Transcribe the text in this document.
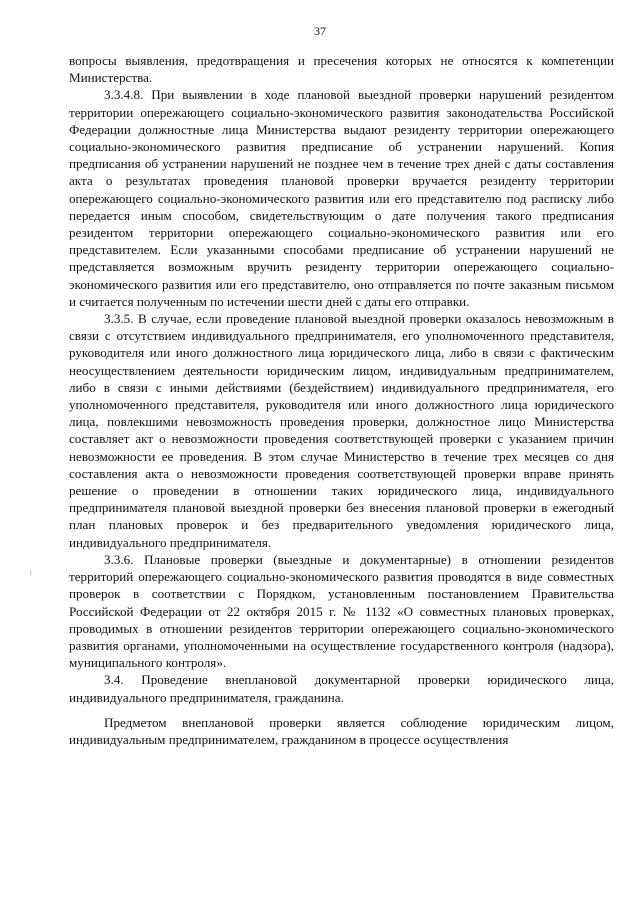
37

вопросы выявления, предотвращения и пресечения которых не относятся к компетенции Министерства.

3.3.4.8. При выявлении в ходе плановой выездной проверки нарушений резидентом территории опережающего социально-экономического развития законодательства Российской Федерации должностные лица Министерства выдают резиденту территории опережающего социально-экономического развития предписание об устранении нарушений. Копия предписания об устранении нарушений не позднее чем в течение трех дней с даты составления акта о результатах проведения плановой проверки вручается резиденту территории опережающего социально-экономического развития или его представителю под расписку либо передается иным способом, свидетельствующим о дате получения такого предписания резидентом территории опережающего социально-экономического развития или его представителем. Если указанными способами предписание об устранении нарушений не представляется возможным вручить резиденту территории опережающего социально-экономического развития или его представителю, оно отправляется по почте заказным письмом и считается полученным по истечении шести дней с даты его отправки.

3.3.5. В случае, если проведение плановой выездной проверки оказалось невозможным в связи с отсутствием индивидуального предпринимателя, его уполномоченного представителя, руководителя или иного должностного лица юридического лица, либо в связи с фактическим неосуществлением деятельности юридическим лицом, индивидуальным предпринимателем, либо в связи с иными действиями (бездействием) индивидуального предпринимателя, его уполномоченного представителя, руководителя или иного должностного лица юридического лица, повлекшими невозможность проведения проверки, должностное лицо Министерства составляет акт о невозможности проведения соответствующей проверки с указанием причин невозможности ее проведения. В этом случае Министерство в течение трех месяцев со дня составления акта о невозможности проведения соответствующей проверки вправе принять решение о проведении в отношении таких юридического лица, индивидуального предпринимателя плановой выездной проверки без внесения плановой проверки в ежегодный план плановых проверок и без предварительного уведомления юридического лица, индивидуального предпринимателя.

3.3.6. Плановые проверки (выездные и документарные) в отношении резидентов территорий опережающего социально-экономического развития проводятся в виде совместных проверок в соответствии с Порядком, установленным постановлением Правительства Российской Федерации от 22 октября 2015 г. № 1132 «О совместных плановых проверках, проводимых в отношении резидентов территории опережающего социально-экономического развития органами, уполномоченными на осуществление государственного контроля (надзора), муниципального контроля».

3.4. Проведение внеплановой документарной проверки юридического лица, индивидуального предпринимателя, гражданина.

Предметом внеплановой проверки является соблюдение юридическим лицом, индивидуальным предпринимателем, гражданином в процессе осуществления
